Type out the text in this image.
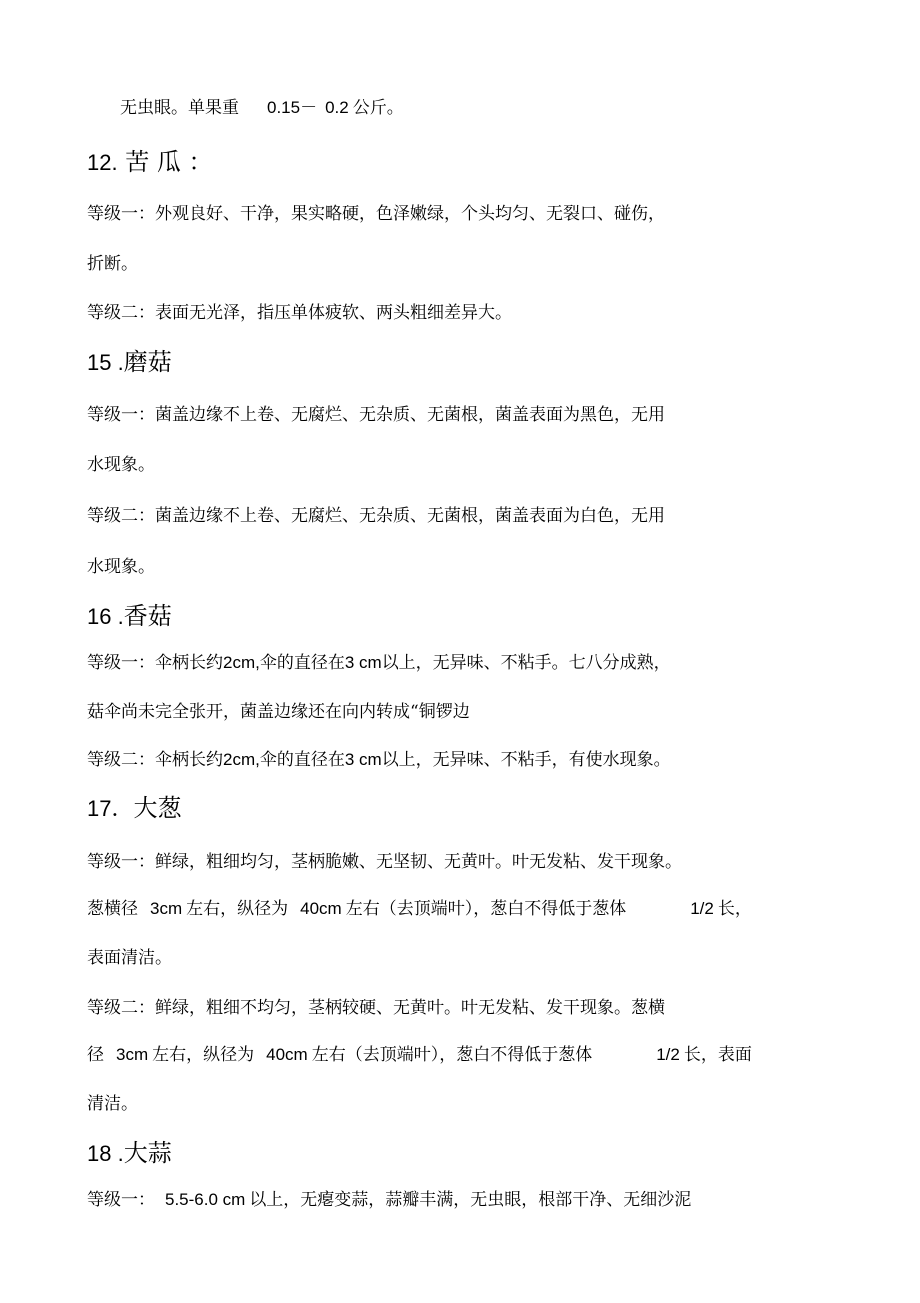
无虫眼。单果重 0.15－ 0.2 公斤。
12. 苦 瓜 ：
等级一：外观良好、干净，果实略硬，色泽嫩绿，个头均匀、无裂口、碰伤，
折断。
等级二：表面无光泽，指压单体疲软、两头粗细差异大。
15 .磨菇
等级一：菌盖边缘不上卷、无腐烂、无杂质、无菌根，菌盖表面为黑色，无用
水现象。
等级二：菌盖边缘不上卷、无腐烂、无杂质、无菌根，菌盖表面为白色，无用
水现象。
16 .香菇
等级一：伞柄长约2cm,伞的直径在3 cm以上，无异味、不粘手。七八分成熟，
菇伞尚未完全张开，菌盖边缘还在向内转成“铜锣边
等级二：伞柄长约2cm,伞的直径在3 cm以上，无异味、不粘手，有使水现象。
17．大葱
等级一：鲜绿，粗细均匀，茎柄脆嫩、无坚韧、无黄叶。叶无发粘、发干现象。
葱横径 3cm 左右，纵径为 40cm 左右（去顶端叶），葱白不得低于葱体	1/2 长，
表面清洁。
等级二：鲜绿，粗细不均匀，茎柄较硬、无黄叶。叶无发粘、发干现象。葱横
径 3cm 左右，纵径为 40cm 左右（去顶端叶），葱白不得低于葱体	1/2 长，表面
清洁。
18 .大蒜
等级一： 5.5-6.0 cm 以上，无瘪变蒜，蒜瓣丰满，无虫眼，根部干净、无细沙泥
